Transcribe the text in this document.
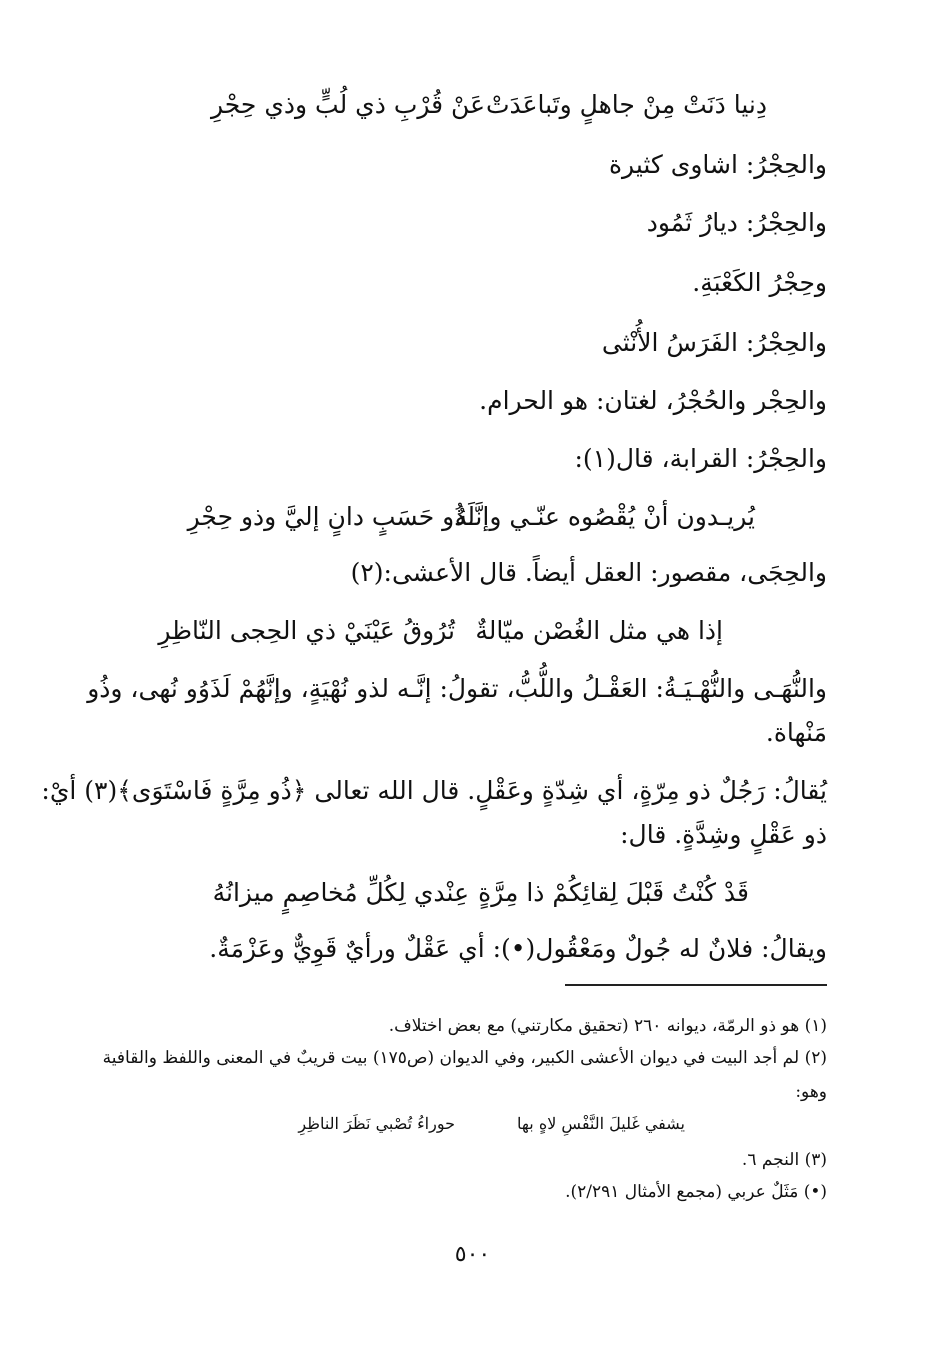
دِنيا دَنَتْ مِنْ جاهلٍ وتَباعَدَتْ
عَنْ قُرْبِ ذي لُبٍّ وذي حِجْرِ
والحِجْرُ: اشاوى كثيرة
والحِجْرُ: ديارُ ثَمُود
وحِجْرُ الكَعْبَةِ.
والحِجْرُ: الفَرَسُ الأُنْثى
والحِجْر والحُجْرُ، لغتان: هو الحرام.
والحِجْرُ: القرابة، قال(١):
يُريـدون أنْ يُقْصُوه عنّـي وإنَّـهُ
لَذُو حَسَبٍ دانٍ إليَّ وذو حِجْرِ
والحِجَى، مقصور: العقل أيضاً. قال الأعشى:(٢)
إذا هي مثل الغُصْن ميّالةٌ
تُرُوقُ عَيْنَيْ ذي الحِجى النّاظِرِ
والنُّهَـى والنُّهْـيَـةُ: العَقْـلُ واللُّبُّ، تقولُ: إنَّـه لذو نُهْيَةٍ، وإنَّهُمْ لَذَوُو نُهى، وذُو
مَنْهاة.
يُقالُ: رَجُلٌ ذو مِرّةٍ، أي شِدّةٍ وعَقْلٍ. قال الله تعالى ﴿ذُو مِرَّةٍ فَاسْتَوَى﴾(٣) أيْ:
ذو عَقْلٍ وشِدَّةٍ. قال:
قَدْ كُنْتُ قَبْلَ لِقائِكُمْ ذا مِرَّةٍ
عِنْدي لِكُلِّ مُخاصِمٍ ميزانُهُ
ويقالُ: فلانٌ له جُولٌ ومَعْقُول(•): أي عَقْلٌ ورأيٌ قَوِيٌّ وعَزْمَةٌ.
(١) هو ذو الرمّة، ديوانه ٢٦٠ (تحقيق مكارتني) مع بعض اختلاف.
(٢) لم أجد البيت في ديوان الأعشى الكبير، وفي الديوان (ص١٧٥) بيت قريبٌ في المعنى واللفظ والقافية
وهو:
يشفي غَليلَ النَّفْسِ لاهٍ بها
حوراءُ تُصْبي نَظَرَ الناظِرِ
(٣) النجم ٦.
(•) مَثَلٌ عربي (مجمع الأمثال ٢/٢٩١).
٥٠٠
